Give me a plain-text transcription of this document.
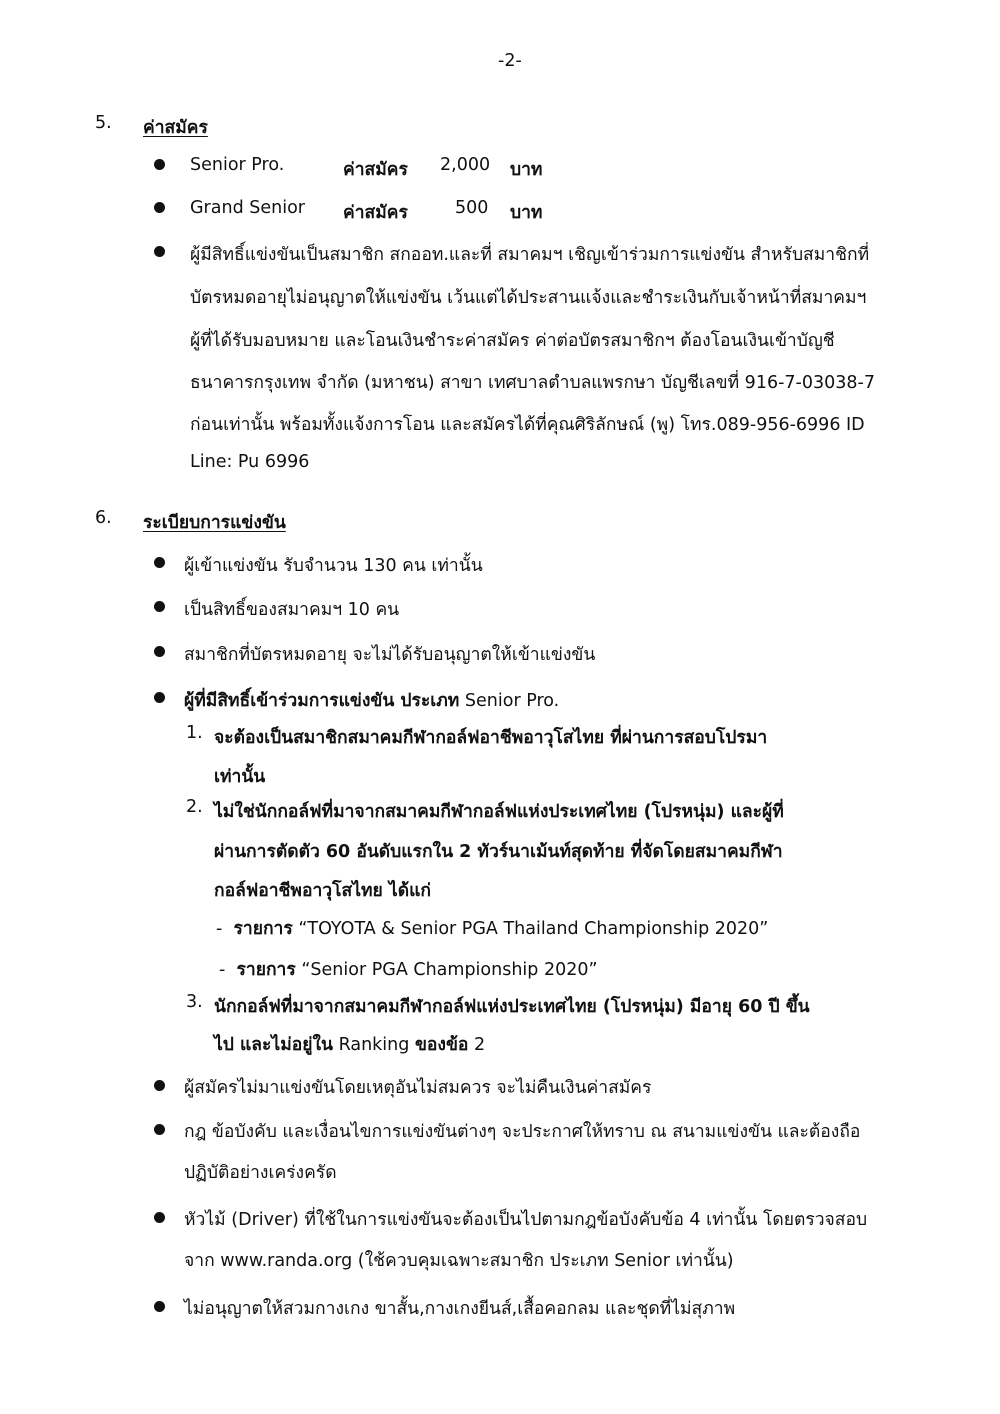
-2-
5. ค่าสมัคร
Senior Pro.	ค่าสมัคร 2,000 บาท
Grand Senior ค่าสมัคร	500 บาท
ผู้มีสิทธิ์แข่งขันเป็นสมาชิก สกออท.และที่ สมาคมฯ เชิญเข้าร่วมการแข่งขัน สำหรับสมาชิกที่
บัตรหมดอายุไม่อนุญาตให้แข่งขัน เว้นแต่ได้ประสานแจ้งและชำระเงินกับเจ้าหน้าที่สมาคมฯ
ผู้ที่ได้รับมอบหมาย และโอนเงินชำระค่าสมัคร ค่าต่อบัตรสมาชิกฯ ต้องโอนเงินเข้าบัญชี
ธนาคารกรุงเทพ จำกัด (มหาชน) สาขา เทศบาลตำบลแพรกษา บัญชีเลขที่ 916-7-03038-7
ก่อนเท่านั้น พร้อมทั้งแจ้งการโอน และสมัครได้ที่คุณศิริลักษณ์ (พู) โทร.089-956-6996 ID
Line: Pu 6996
6. ระเบียบการแข่งขัน
ผู้เข้าแข่งขัน รับจำนวน 130 คน เท่านั้น
เป็นสิทธิ์ของสมาคมฯ 10 คน
สมาชิกที่บัตรหมดอายุ จะไม่ได้รับอนุญาตให้เข้าแข่งขัน
ผู้ที่มีสิทธิ์เข้าร่วมการแข่งขัน ประเภท Senior Pro.
1. จะต้องเป็นสมาชิกสมาคมกีฬากอล์ฟอาชีพอาวุโสไทย ที่ผ่านการสอบโปรมา
เท่านั้น
2. ไม่ใช่นักกอล์ฟที่มาจากสมาคมกีฬากอล์ฟแห่งประเทศไทย (โปรหนุ่ม) และผู้ที่
ผ่านการตัดตัว 60 อันดับแรกใน 2 ทัวร์นาเม้นท์สุดท้าย ที่จัดโดยสมาคมกีฬา
กอล์ฟอาชีพอาวุโสไทย ได้แก่
- รายการ “TOYOTA & Senior PGA Thailand Championship 2020”
- รายการ “Senior PGA Championship 2020”
3. นักกอล์ฟที่มาจากสมาคมกีฬากอล์ฟแห่งประเทศไทย (โปรหนุ่ม) มีอายุ 60 ปี ขึ้น
ไป และไม่อยู่ใน Ranking ของข้อ 2
ผู้สมัครไม่มาแข่งขันโดยเหตุอันไม่สมควร จะไม่คืนเงินค่าสมัคร
กฎ ข้อบังคับ และเงื่อนไขการแข่งขันต่างๆ จะประกาศให้ทราบ ณ สนามแข่งขัน และต้องถือ
ปฏิบัติอย่างเคร่งครัด
หัวไม้ (Driver) ที่ใช้ในการแข่งขันจะต้องเป็นไปตามกฎข้อบังคับข้อ 4 เท่านั้น โดยตรวจสอบ
จาก www.randa.org (ใช้ควบคุมเฉพาะสมาชิก ประเภท Senior เท่านั้น)
ไม่อนุญาตให้สวมกางเกง ขาสั้น,กางเกงยีนส์,เสื้อคอกลม และชุดที่ไม่สุภาพ
